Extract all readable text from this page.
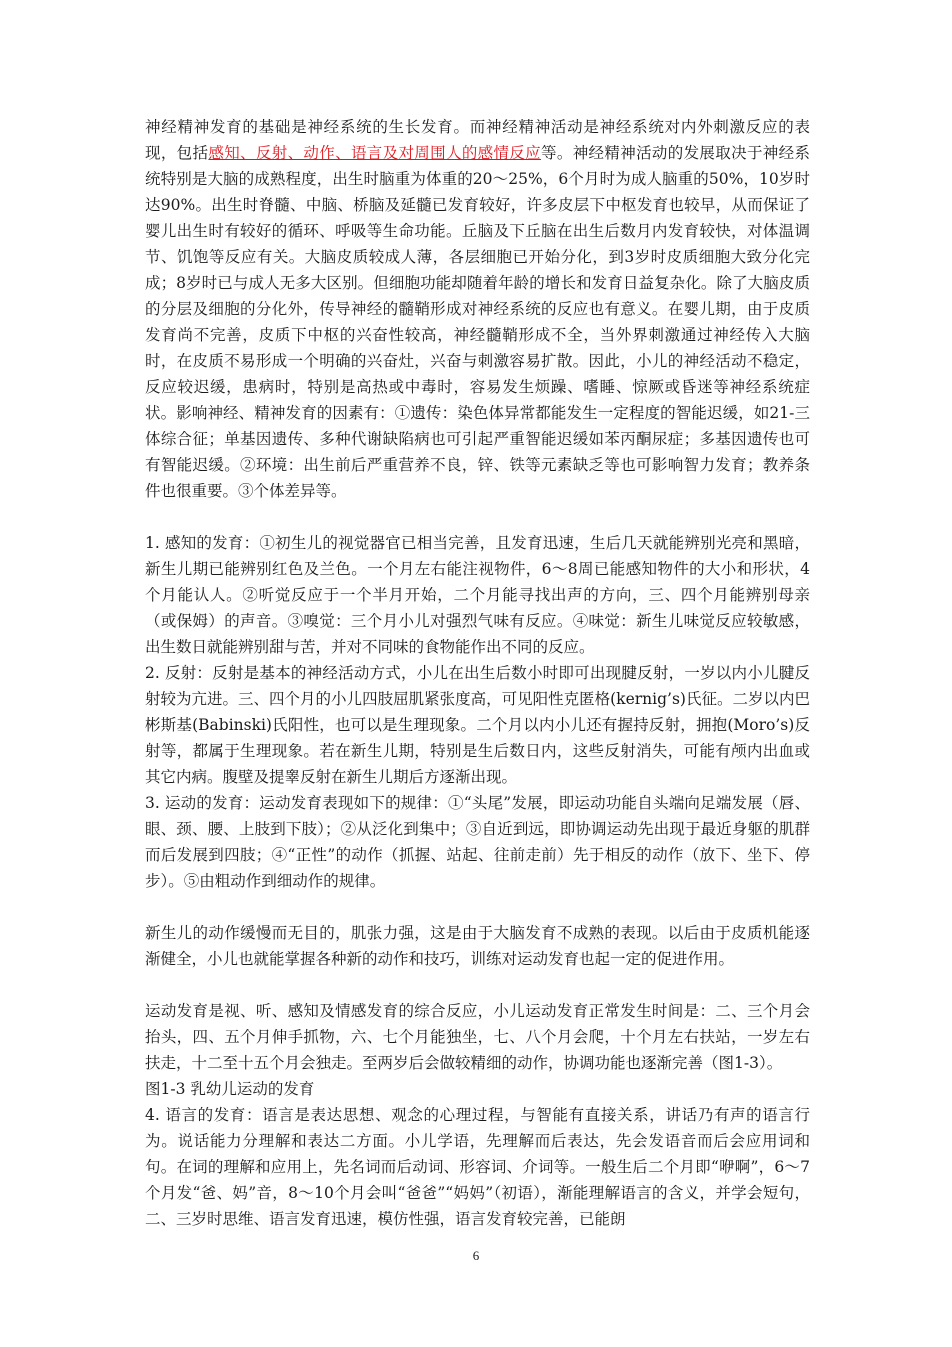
神经精神发育的基础是神经系统的生长发育。而神经精神活动是神经系统对内外刺激反应的表现，包括感知、反射、动作、语言及对周围人的感情反应等。神经精神活动的发展取决于神经系统特别是大脑的成熟程度，出生时脑重为体重的20～25%，6个月时为成人脑重的50%，10岁时达90%。出生时脊髓、中脑、桥脑及延髓已发育较好，许多皮层下中枢发育也较早，从而保证了婴儿出生时有较好的循环、呼吸等生命功能。丘脑及下丘脑在出生后数月内发育较快，对体温调节、饥饱等反应有关。大脑皮质较成人薄，各层细胞已开始分化，到3岁时皮质细胞大致分化完成；8岁时已与成人无多大区别。但细胞功能却随着年龄的增长和发育日益复杂化。除了大脑皮质的分层及细胞的分化外，传导神经的髓鞘形成对神经系统的反应也有意义。在婴儿期，由于皮质发育尚不完善，皮质下中枢的兴奋性较高，神经髓鞘形成不全，当外界刺激通过神经传入大脑时，在皮质不易形成一个明确的兴奋灶，兴奋与刺激容易扩散。因此，小儿的神经活动不稳定，反应较迟缓，患病时，特别是高热或中毒时，容易发生烦躁、嗜睡、惊厥或昏迷等神经系统症状。影响神经、精神发育的因素有：①遗传：染色体异常都能发生一定程度的智能迟缓，如21-三体综合征；单基因遗传、多种代谢缺陷病也可引起严重智能迟缓如苯丙酮尿症；多基因遗传也可有智能迟缓。②环境：出生前后严重营养不良，锌、铁等元素缺乏等也可影响智力发育；教养条件也很重要。③个体差异等。

1. 感知的发育：①初生儿的视觉器官已相当完善，且发育迅速，生后几天就能辨别光亮和黑暗，新生儿期已能辨别红色及兰色。一个月左右能注视物件，6～8周已能感知物件的大小和形状，4个月能认人。②听觉反应于一个半月开始，二个月能寻找出声的方向，三、四个月能辨别母亲（或保姆）的声音。③嗅觉：三个月小儿对强烈气味有反应。④味觉：新生儿味觉反应较敏感，出生数日就能辨别甜与苦，并对不同味的食物能作出不同的反应。

2. 反射：反射是基本的神经活动方式，小儿在出生后数小时即可出现腱反射，一岁以内小儿腱反射较为亢进。三、四个月的小儿四肢屈肌紧张度高，可见阳性克匿格(kernig’s)氏征。二岁以内巴彬斯基(Babinski)氏阳性，也可以是生理现象。二个月以内小儿还有握持反射，拥抱(Moro’s)反射等，都属于生理现象。若在新生儿期，特别是生后数日内，这些反射消失，可能有颅内出血或其它内病。腹壁及提睾反射在新生儿期后方逐渐出现。

3. 运动的发育：运动发育表现如下的规律：①“头尾”发展，即运动功能自头端向足端发展（唇、眼、颈、腰、上肢到下肢）；②从泛化到集中；③自近到远，即协调运动先出现于最近身躯的肌群而后发展到四肢；④“正性”的动作（抓握、站起、往前走前）先于相反的动作（放下、坐下、停步）。⑤由粗动作到细动作的规律。

新生儿的动作缓慢而无目的，肌张力强，这是由于大脑发育不成熟的表现。以后由于皮质机能逐渐健全，小儿也就能掌握各种新的动作和技巧，训练对运动发育也起一定的促进作用。

运动发育是视、听、感知及情感发育的综合反应，小儿运动发育正常发生时间是：二、三个月会抬头，四、五个月伸手抓物，六、七个月能独坐，七、八个月会爬，十个月左右扶站，一岁左右扶走，十二至十五个月会独走。至两岁后会做较精细的动作，协调功能也逐渐完善（图1-3）。

图1-3 乳幼儿运动的发育

4. 语言的发育：语言是表达思想、观念的心理过程，与智能有直接关系，讲话乃有声的语言行为。说话能力分理解和表达二方面。小儿学语，先理解而后表达，先会发语音而后会应用词和句。在词的理解和应用上，先名词而后动词、形容词、介词等。一般生后二个月即“咿啊”，6～7个月发“爸、妈”音，8～10个月会叫“爸爸”“妈妈”（初语），渐能理解语言的含义，并学会短句，二、三岁时思维、语言发育迅速，模仿性强，语言发育较完善，已能朗

6
